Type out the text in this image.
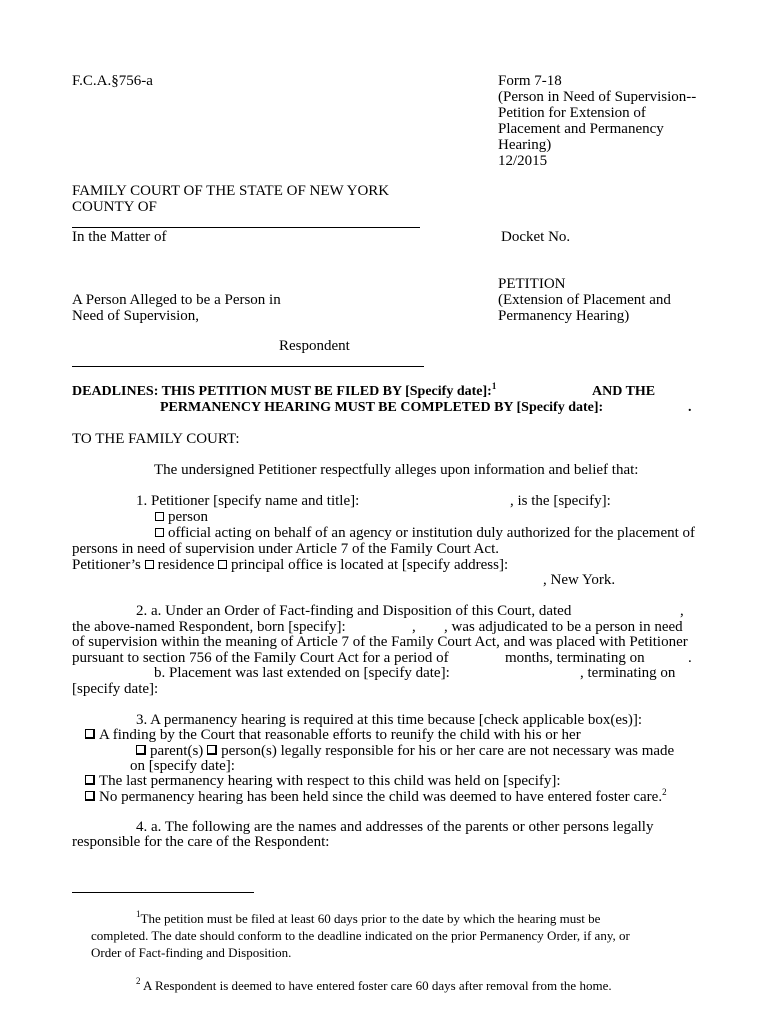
F.C.A.§756-a	Form 7-18
(Person in Need of Supervision--
Petition for Extension of
Placement and Permanency
Hearing)
12/2015
FAMILY COURT OF THE STATE OF NEW YORK
COUNTY OF
In the Matter of	Docket No.
PETITION
(Extension of Placement and
Permanency Hearing)
A Person Alleged to be a Person in
Need of Supervision,
Respondent
DEADLINES: THIS PETITION MUST BE FILED BY [Specify date]:$^1$	AND THE
PERMANENCY HEARING MUST BE COMPLETED BY [Specify date]:	.
TO THE FAMILY COURT:
The undersigned Petitioner respectfully alleges upon information and belief that:
1. Petitioner [specify name and title]:	, is the [specify]:
person
official acting on behalf of an agency or institution duly authorized for the placement of
persons in need of supervision under Article 7 of the Family Court Act.
Petitioner’s residence principal office is located at [specify address]:
, New York.
2. a. Under an Order of Fact-finding and Disposition of this Court, dated	,
the above-named Respondent, born [specify]:	, , was adjudicated to be a person in need
of supervision within the meaning of Article 7 of the Family Court Act, and was placed with Petitioner
pursuant to section 756 of the Family Court Act for a period of	months, terminating on	.
b. Placement was last extended on [specify date]:	, terminating on
[specify date]:
3. A permanency hearing is required at this time because [check applicable box(es)]:
A finding by the Court that reasonable efforts to reunify the child with his or her
parent(s) person(s) legally responsible for his or her care are not necessary was made
on [specify date]:
The last permanency hearing with respect to this child was held on [specify]:
No permanency hearing has been held since the child was deemed to have entered foster care.$^2$
4. a. The following are the names and addresses of the parents or other persons legally
responsible for the care of the Respondent:
$^1$The petition must be filed at least 60 days prior to the date by which the hearing must be
completed. The date should conform to the deadline indicated on the prior Permanency Order, if any, or
Order of Fact-finding and Disposition.
$^2$ A Respondent is deemed to have entered foster care 60 days after removal from the home.
